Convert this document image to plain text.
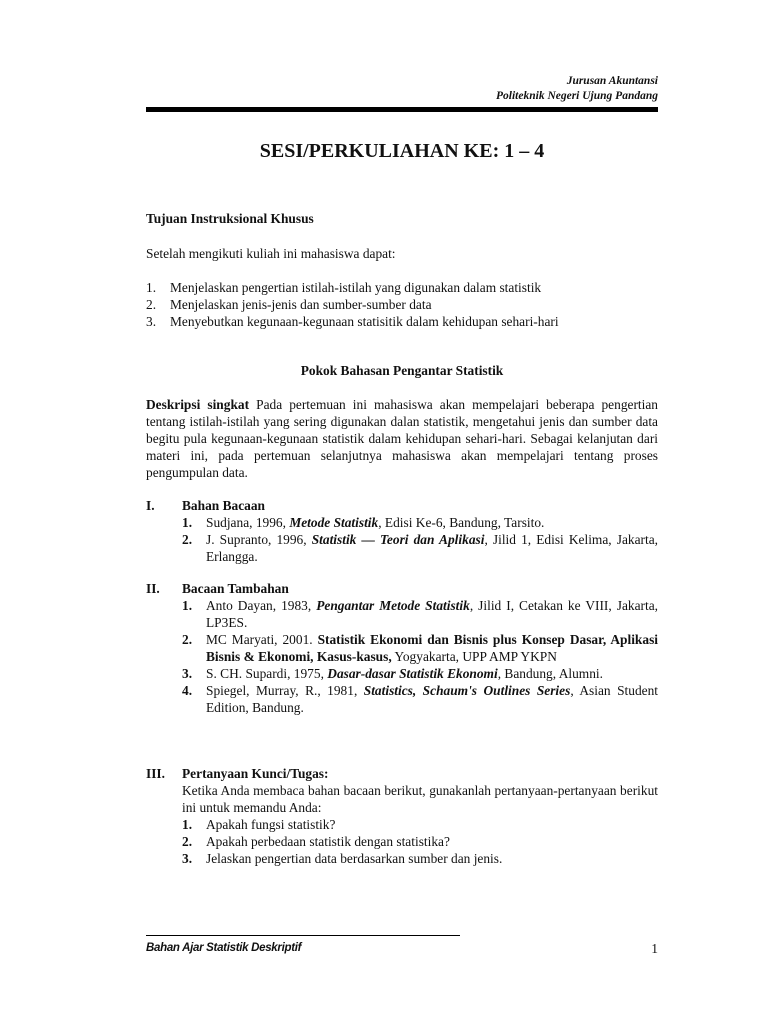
Jurusan Akuntansi
Politeknik Negeri Ujung Pandang
SESI/PERKULIAHAN KE: 1 – 4
Tujuan Instruksional Khusus
Setelah mengikuti kuliah ini mahasiswa dapat:
1.	Menjelaskan pengertian istilah-istilah yang digunakan dalam statistik
2.	Menjelaskan jenis-jenis dan sumber-sumber data
3.	Menyebutkan kegunaan-kegunaan statisitik dalam kehidupan sehari-hari
Pokok Bahasan Pengantar Statistik
Deskripsi singkat Pada pertemuan ini mahasiswa akan mempelajari beberapa pengertian tentang istilah-istilah yang sering digunakan dalan statistik, mengetahui jenis dan sumber data begitu pula kegunaan-kegunaan statistik dalam kehidupan sehari-hari. Sebagai kelanjutan dari materi ini, pada pertemuan selanjutnya mahasiswa akan mempelajari tentang proses pengumpulan data.
I.	Bahan Bacaan
1.	Sudjana, 1996, Metode Statistik, Edisi Ke-6, Bandung, Tarsito.
2.	J. Supranto, 1996, Statistik — Teori dan Aplikasi, Jilid 1, Edisi Kelima, Jakarta, Erlangga.
II.	Bacaan Tambahan
1.	Anto Dayan, 1983, Pengantar Metode Statistik, Jilid I, Cetakan ke VIII, Jakarta, LP3ES.
2.	MC Maryati, 2001. Statistik Ekonomi dan Bisnis plus Konsep Dasar, Aplikasi Bisnis & Ekonomi, Kasus-kasus, Yogyakarta, UPP AMP YKPN
3.	S. CH. Supardi, 1975, Dasar-dasar Statistik Ekonomi, Bandung, Alumni.
4.	Spiegel, Murray, R., 1981, Statistics, Schaum's Outlines Series, Asian Student Edition, Bandung.
III.	Pertanyaan Kunci/Tugas:
Ketika Anda membaca bahan bacaan berikut, gunakanlah pertanyaan-pertanyaan berikut ini untuk memandu Anda:
1.	Apakah fungsi statistik?
2.	Apakah perbedaan statistik dengan statistika?
3.	Jelaskan pengertian data berdasarkan sumber dan jenis.
Bahan Ajar Statistik Deskriptif	1
